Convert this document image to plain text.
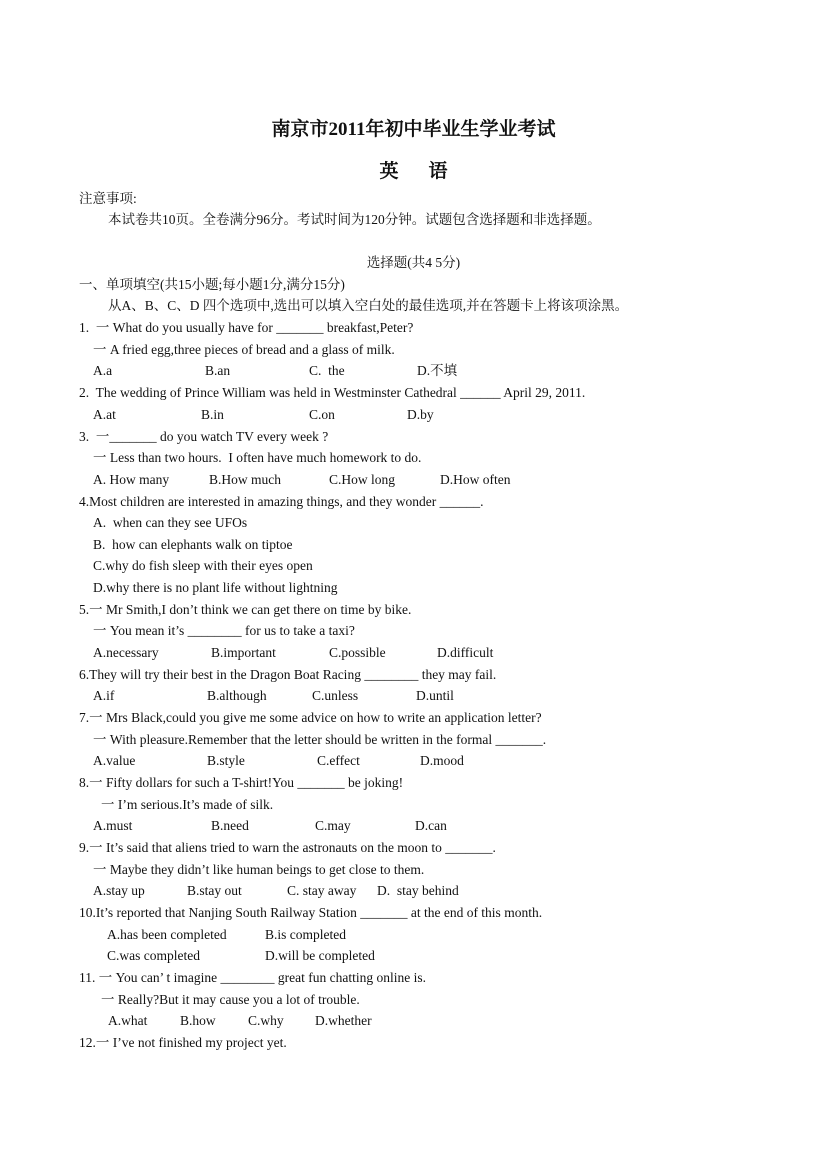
南京市2011年初中毕业生学业考试
英语
注意事项:
本试卷共10页。全卷满分96分。考试时间为120分钟。试题包含选择题和非选择题。
选择题(共4 5分)
一、单项填空(共15小题;每小题1分,满分15分)
从A、B、C、D 四个选项中,选出可以填入空白处的最佳选项,并在答题卡上将该项涂黑。
1.  一 What do you usually have for _______ breakfast,Peter?
一 A fried egg,three pieces of bread and a glass of milk.
A.a	B.an	C.  the	D.不填
2.  The wedding of Prince William was held in Westminster Cathedral ______ April 29, 2011.
A.at	B.in	C.on	D.by
3.  一_______ do you watch TV every week ?
一 Less than two hours.  I often have much homework to do.
A. How many	B.How much	C.How long	D.How often
4.Most children are interested in amazing things, and they wonder ______.
A.  when can they see UFOs
B.  how can elephants walk on tiptoe
C.why do fish sleep with their eyes open
D.why there is no plant life without lightning
5.一 Mr Smith,I don’t think we can get there on time by bike.
一 You mean it’s ________ for us to take a taxi?
A.necessary	B.important	C.possible	D.difficult
6.They will try their best in the Dragon Boat Racing ________ they may fail.
A.if	B.although	C.unless	D.until
7.一 Mrs Black,could you give me some advice on how to write an application letter?
一 With pleasure.Remember that the letter should be written in the formal _______.
A.value	B.style	C.effect	D.mood
8.一 Fifty dollars for such a T-shirt!You _______ be joking!
一 I’m serious.It’s made of silk.
A.must	B.need	C.may	D.can
9.一 It’s said that aliens tried to warn the astronauts on the moon to _______.
一 Maybe they didn’t like human beings to get close to them.
A.stay up	B.stay out	C. stay away D.  stay behind
10.It’s reported that Nanjing South Railway Station _______ at the end of this month.
A.has been completed	B.is completed
C.was completed	D.will be completed
11. 一 You can’ t imagine ________ great fun chatting online is.
一 Really?But it may cause you a lot of trouble.
A.what B.how C.why D.whether
12.一 I’ve not finished my project yet.
